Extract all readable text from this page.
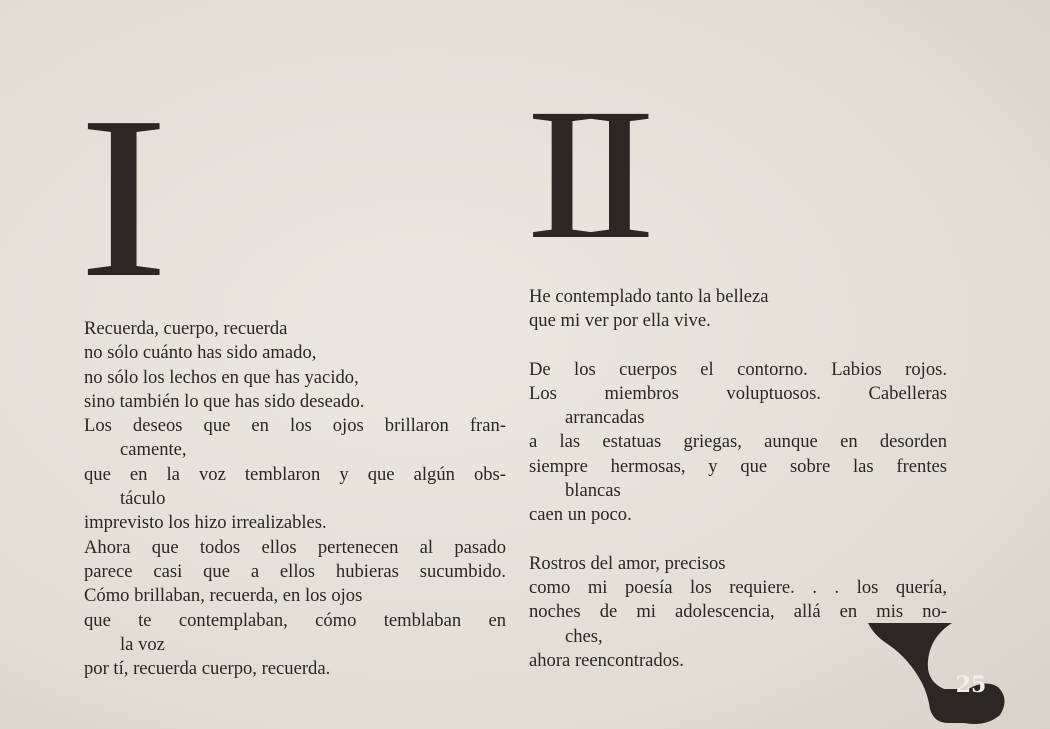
I II
Recuerda, cuerpo, recuerda
no sólo cuánto has sido amado,
no sólo los lechos en que has yacido,
sino también lo que has sido deseado.
Los deseos que en los ojos brillaron fran-
camente,
que en la voz temblaron y que algún obs-
táculo
imprevisto los hizo irrealizables.
Ahora que todos ellos pertenecen al pasado
parece casi que a ellos hubieras sucumbido.
Cómo brillaban, recuerda, en los ojos
que te contemplaban, cómo temblaban en
la voz
por tí, recuerda cuerpo, recuerda.
He contemplado tanto la belleza
que mi ver por ella vive.
De los cuerpos el contorno. Labios rojos.
Los miembros voluptuosos. Cabelleras
arrancadas
a las estatuas griegas, aunque en desorden
siempre hermosas, y que sobre las frentes
blancas
caen un poco.
Rostros del amor, precisos
como mi poesía los requiere. . . los quería,
noches de mi adolescencia, allá en mis no-
ches,
ahora reencontrados.
25
